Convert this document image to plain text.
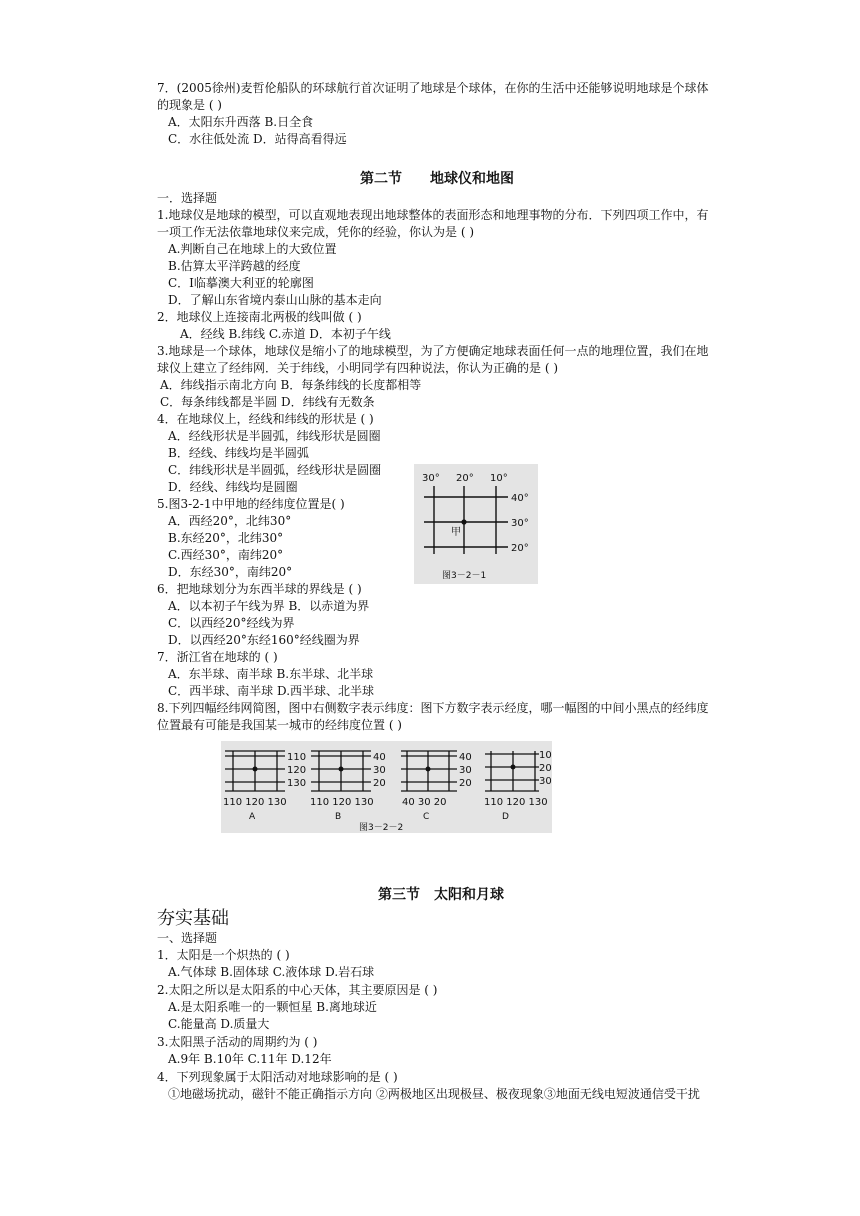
7．(2005徐州)麦哲伦船队的环球航行首次证明了地球是个球体，在你的生活中还能够说明地球是个球体
的现象是 ( )
A．太阳东升西落 B.日全食
C．水往低处流 D．站得高看得远
第二节　　地球仪和地图
一．选择题
1.地球仪是地球的模型，可以直观地表现出地球整体的表面形态和地理事物的分布．下列四项工作中，有
一项工作无法依靠地球仪来完成，凭你的经验，你认为是 ( )
A.判断自己在地球上的大致位置
B.估算太平洋跨越的经度
C．I临摹澳大利亚的轮廓图
D．了解山东省境内泰山山脉的基本走向
2．地球仪上连接南北两极的线叫做 ( )
A．经线 B.纬线 C.赤道 D．本初子午线
3.地球是一个球体，地球仪是缩小了的地球模型，为了方便确定地球表面任何一点的地理位置，我们在地
球仪上建立了经纬网．关于纬线，小明同学有四种说法，你认为正确的是 ( )
A．纬线指示南北方向 B．每条纬线的长度都相等
C．每条纬线都是半圆 D．纬线有无数条
4．在地球仪上，经线和纬线的形状是 ( )
A．经线形状是半圆弧，纬线形状是圆圈
B．经线、纬线均是半圆弧
C．纬线形状是半圆弧，经线形状是圆圈
D．经线、纬线均是圆圈
5.图3-2-1中甲地的经纬度位置是( )
A．西经20°，北纬30°
B.东经20°，北纬30°
C.西经30°，南纬20°
D．东经30°，南纬20°
6．把地球划分为东西半球的界线是 ( )
A．以本初子午线为界 B．以赤道为界
C．以西经20°经线为界
D．以西经20°东经160°经线圈为界
7．浙江省在地球的 ( )
A．东半球、南半球 B.东半球、北半球
C．西半球、南半球 D.西半球、北半球
8.下列四幅经纬网简图，图中右侧数字表示纬度：图下方数字表示经度，哪一幅图的中间小黑点的经纬度
位置最有可能是我国某一城市的经纬度位置 ( )
30° 20° 10°
40°
30°
20°
甲
图3－2－1
110
120
130
110 120 130
A
40
30
20
110 120 130
B
40
30
20
40 30 20
C
10
20
30
110 120 130
D
图3－2－2
第三节　太阳和月球
夯实基础
一、选择题
1．太阳是一个炽热的 ( )
A.气体球 B.固体球 C.液体球 D.岩石球
2.太阳之所以是太阳系的中心天体，其主要原因是 ( )
A.是太阳系唯一的一颗恒星 B.离地球近
C.能量高 D.质量大
3.太阳黑子活动的周期约为 ( )
A.9年 B.10年 C.11年 D.12年
4．下列现象属于太阳活动对地球影响的是 ( )
①地磁场扰动，磁针不能正确指示方向 ②两极地区出现极昼、极夜现象③地面无线电短波通信受干扰
